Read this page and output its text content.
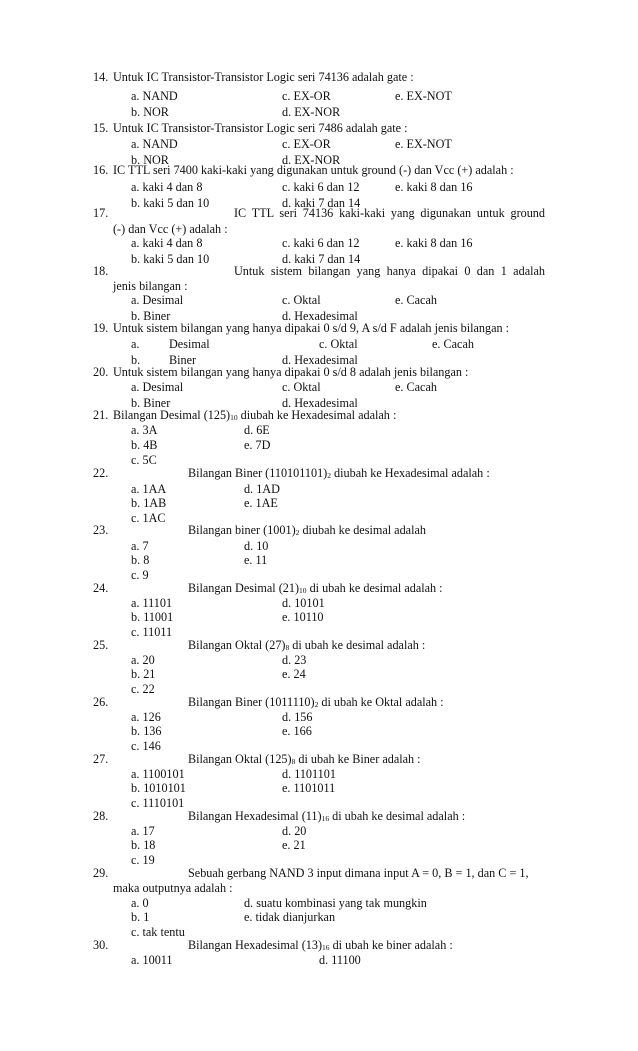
14. Untuk IC Transistor-Transistor Logic seri 74136 adalah gate :
a. NAND	c. EX-OR	e. EX-NOT
b. NOR	d. EX-NOR
15. Untuk IC Transistor-Transistor Logic seri 7486 adalah gate :
a. NAND	c. EX-OR	e. EX-NOT
b. NOR	d. EX-NOR
16. IC TTL seri 7400 kaki-kaki yang digunakan untuk ground (-) dan Vcc (+) adalah :
a. kaki 4 dan 8	c. kaki 6 dan 12	e. kaki 8 dan 16
b. kaki 5 dan 10	d. kaki 7 dan 14
17.	IC TTL seri 74136 kaki-kaki yang digunakan untuk ground
(-) dan Vcc (+) adalah :
a. kaki 4 dan 8	c. kaki 6 dan 12	e. kaki 8 dan 16
b. kaki 5 dan 10	d. kaki 7 dan 14
18.	Untuk sistem bilangan yang hanya dipakai 0 dan 1 adalah
jenis bilangan :
a. Desimal	c. Oktal	e. Cacah
b. Biner	d. Hexadesimal
19. Untuk sistem bilangan yang hanya dipakai 0 s/d 9, A s/d F adalah jenis bilangan :
a. Desimal	c. Oktal	e. Cacah
b. Biner	d. Hexadesimal
20. Untuk sistem bilangan yang hanya dipakai 0 s/d 8 adalah jenis bilangan :
a. Desimal	c. Oktal	e. Cacah
b. Biner	d. Hexadesimal
21. Bilangan Desimal $(125)_{10}$ diubah ke Hexadesimal adalah :
a. 3A	d. 6E
b. 4B	e. 7D
c. 5C
22.	Bilangan Biner $(110101101)_2$ diubah ke Hexadesimal adalah :
a. 1AA	d. 1AD
b. 1AB	e. 1AE
c. 1AC
23.	Bilangan biner $(1001)_2$ diubah ke desimal adalah
a. 7	d. 10
b. 8	e. 11
c. 9
24.	Bilangan Desimal $(21)_{10}$ di ubah ke desimal adalah :
a. 11101	d. 10101
b. 11001	e. 10110
c. 11011
25.	Bilangan Oktal $(27)_8$ di ubah ke desimal adalah :
a. 20	d. 23
b. 21	e. 24
c. 22
26.	Bilangan Biner $(1011110)_2$ di ubah ke Oktal adalah :
a. 126	d. 156
b. 136	e. 166
c. 146
27.	Bilangan Oktal $(125)_8$ di ubah ke Biner adalah :
a. 1100101	d. 1101101
b. 1010101	e. 1101011
c. 1110101
28.	Bilangan Hexadesimal $(11)_{16}$ di ubah ke desimal adalah :
a. 17	d. 20
b. 18	e. 21
c. 19
29.	Sebuah gerbang NAND 3 input dimana input A = 0, B = 1, dan C = 1,
maka outputnya adalah :
a. 0	d. suatu kombinasi yang tak mungkin
b. 1	e. tidak dianjurkan
c. tak tentu
30.	Bilangan Hexadesimal $(13)_{16}$ di ubah ke biner adalah :
a. 10011	d. 11100
